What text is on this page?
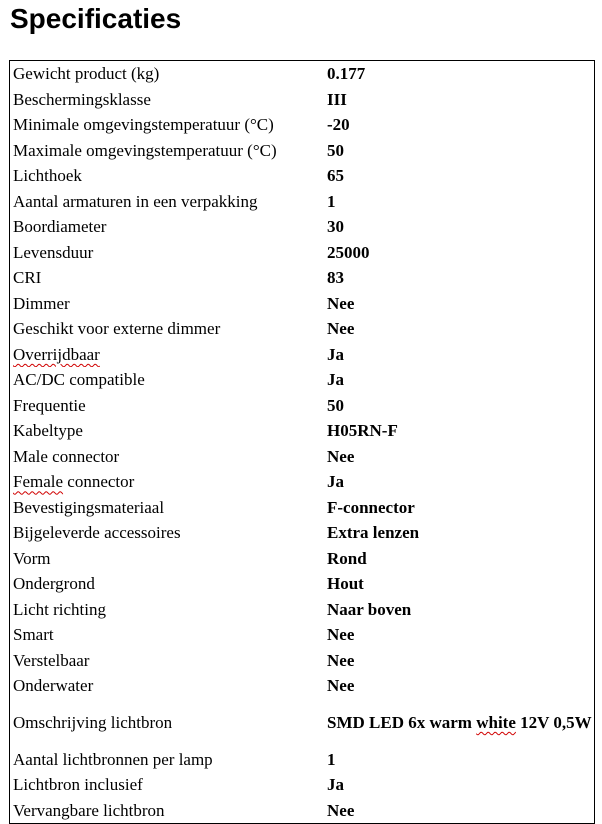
Specificaties
Gewicht product (kg)	0.177
Beschermingsklasse	III
Minimale omgevingstemperatuur (°C)	-20
Maximale omgevingstemperatuur (°C)	50
Lichthoek	65
Aantal armaturen in een verpakking	1
Boordiameter	30
Levensduur	25000
CRI	83
Dimmer	Nee
Geschikt voor externe dimmer	Nee
Overrijdbaar	Ja
AC/DC compatible	Ja
Frequentie	50
Kabeltype	H05RN-F
Male connector	Nee
Female connector	Ja
Bevestigingsmateriaal	F-connector
Bijgeleverde accessoires	Extra lenzen
Vorm	Rond
Ondergrond	Hout
Licht richting	Naar boven
Smart	Nee
Verstelbaar	Nee
Onderwater	Nee
Omschrijving lichtbron	SMD LED 6x warm white 12V 0,5W
Aantal lichtbronnen per lamp	1
Lichtbron inclusief	Ja
Vervangbare lichtbron	Nee
